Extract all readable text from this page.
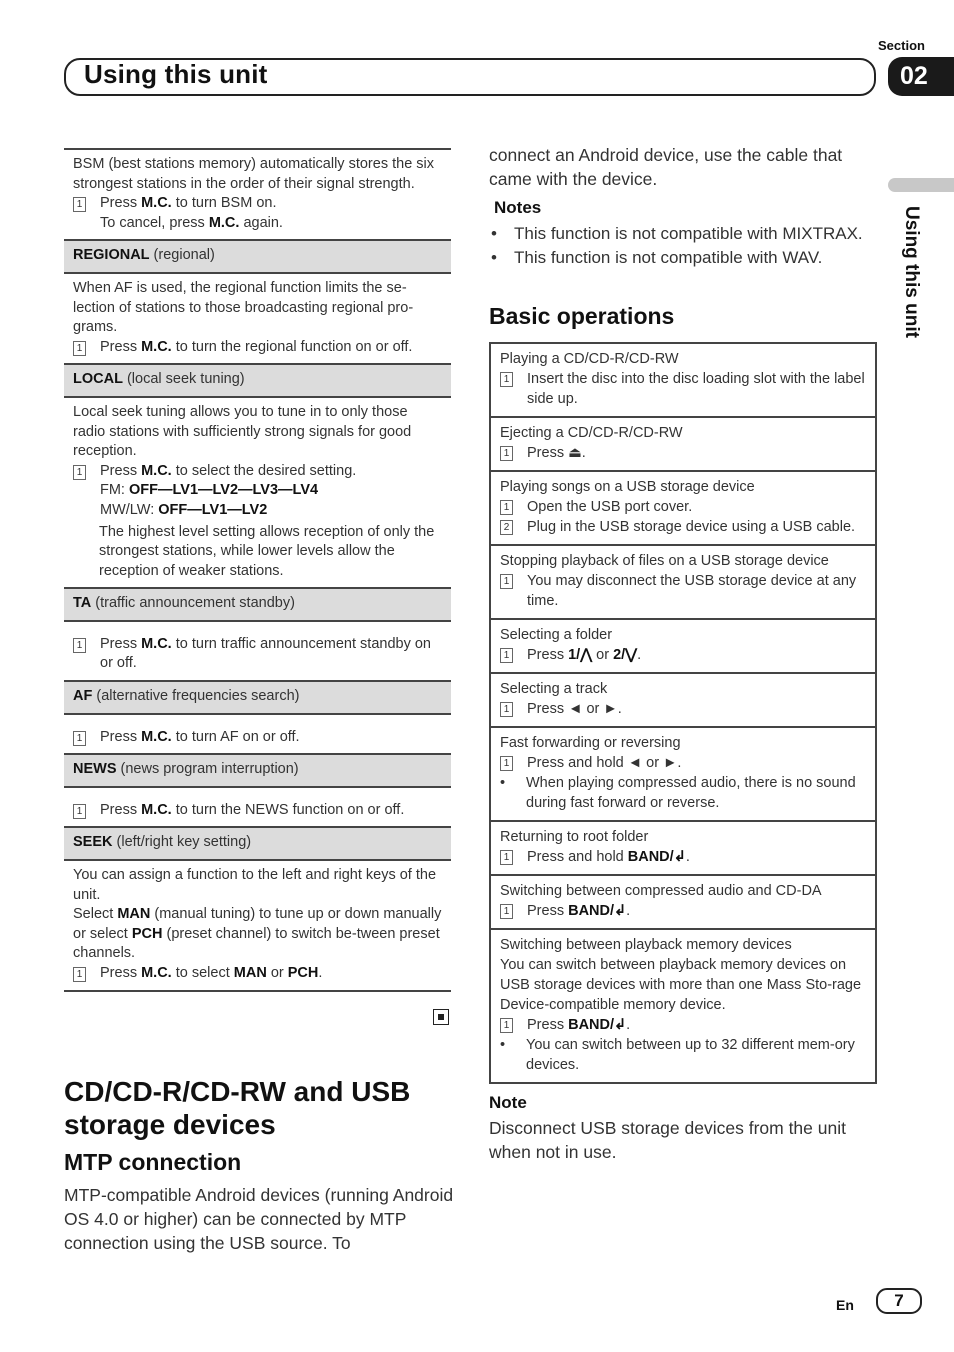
Section
Using this unit	02
Using this unit
BSM (best stations memory) automatically stores the six strongest stations in the order of their signal strength.
1 Press M.C. to turn BSM on.
To cancel, press M.C. again.
REGIONAL (regional)
When AF is used, the regional function limits the se-lection of stations to those broadcasting regional pro-grams.
1 Press M.C. to turn the regional function on or off.
LOCAL (local seek tuning)
Local seek tuning allows you to tune in to only those radio stations with sufficiently strong signals for good reception.
1 Press M.C. to select the desired setting.
FM: OFF—LV1—LV2—LV3—LV4
MW/LW: OFF—LV1—LV2
The highest level setting allows reception of only the strongest stations, while lower levels allow the reception of weaker stations.
TA (traffic announcement standby)
1 Press M.C. to turn traffic announcement standby on or off.
AF (alternative frequencies search)
1 Press M.C. to turn AF on or off.
NEWS (news program interruption)
1 Press M.C. to turn the NEWS function on or off.
SEEK (left/right key setting)
You can assign a function to the left and right keys of the unit.
Select MAN (manual tuning) to tune up or down manually or select PCH (preset channel) to switch be-tween preset channels.
1 Press M.C. to select MAN or PCH.
CD/CD-R/CD-RW and USB storage devices
MTP connection
MTP-compatible Android devices (running Android OS 4.0 or higher) can be connected by MTP connection using the USB source. To
connect an Android device, use the cable that came with the device.
Notes
•	This function is not compatible with MIXTRAX.
•	This function is not compatible with WAV.
Basic operations
Playing a CD/CD-R/CD-RW
1 Insert the disc into the disc loading slot with the label side up.
Ejecting a CD/CD-R/CD-RW
1 Press ⏏.
Playing songs on a USB storage device
1 Open the USB port cover.
2 Plug in the USB storage device using a USB cable.
Stopping playback of files on a USB storage device
1 You may disconnect the USB storage device at any time.
Selecting a folder
1 Press 1/⋀ or 2/⋁.
Selecting a track
1 Press ◄ or ►.
Fast forwarding or reversing
1 Press and hold ◄ or ►.
•	When playing compressed audio, there is no sound during fast forward or reverse.
Returning to root folder
1 Press and hold BAND/↲.
Switching between compressed audio and CD-DA
1 Press BAND/↲.
Switching between playback memory devices
You can switch between playback memory devices on USB storage devices with more than one Mass Sto-rage Device-compatible memory device.
1 Press BAND/↲.
•	You can switch between up to 32 different mem-ory devices.
Note
Disconnect USB storage devices from the unit when not in use.
En	7
